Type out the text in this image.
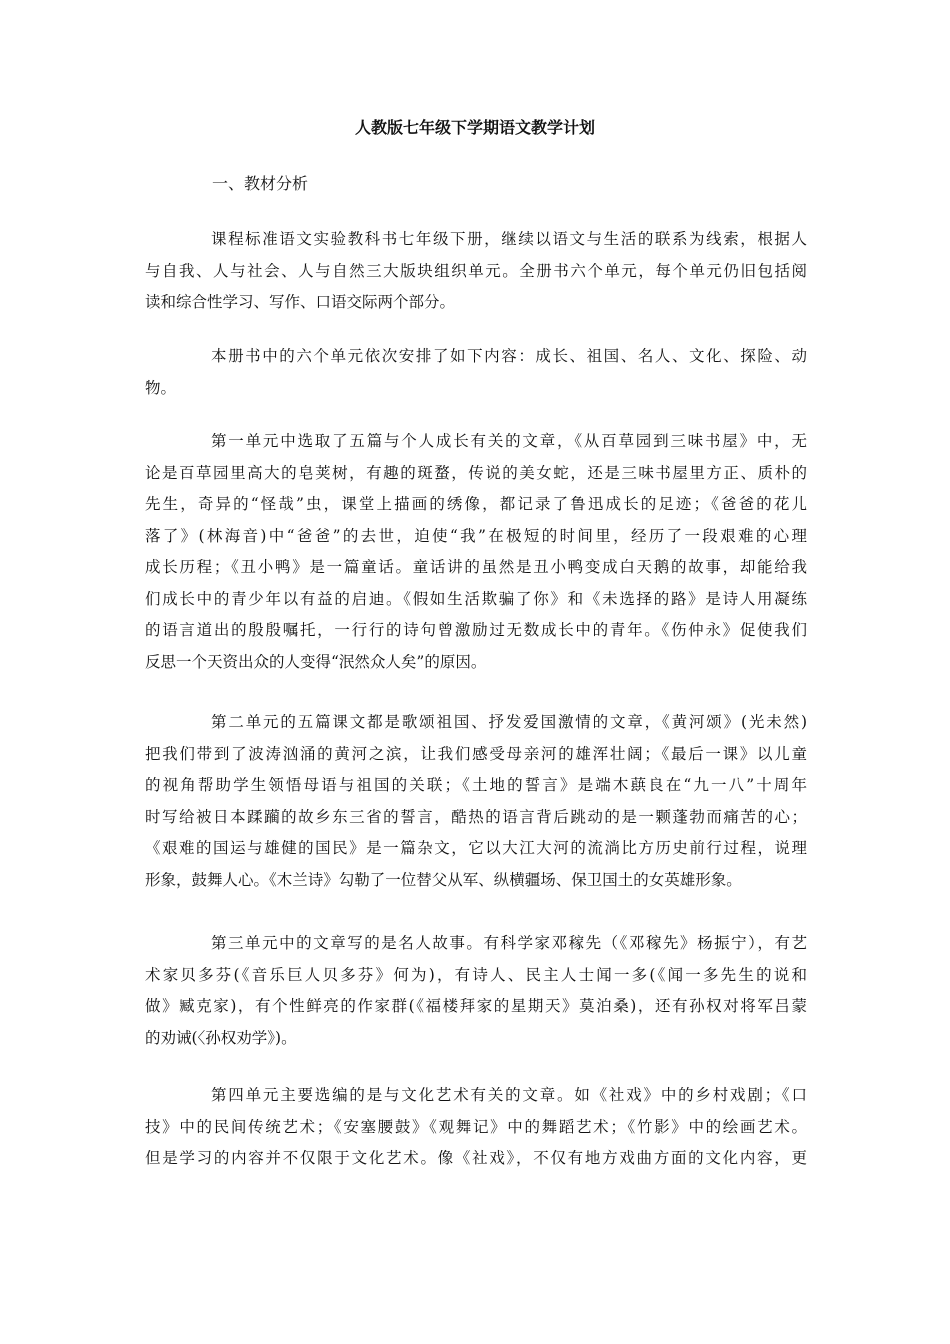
人教版七年级下学期语文教学计划
一、教材分析
课程标准语文实验教科书七年级下册，继续以语文与生活的联系为线索，根据人
与自我、人与社会、人与自然三大版块组织单元。全册书六个单元，每个单元仍旧包括阅
读和综合性学习、写作、口语交际两个部分。
本册书中的六个单元依次安排了如下内容：成长、祖国、名人、文化、探险、动
物。
第一单元中选取了五篇与个人成长有关的文章，《从百草园到三味书屋》中，无
论是百草园里高大的皂荚树，有趣的斑蝥，传说的美女蛇，还是三味书屋里方正、质朴的
先生，奇异的“怪哉”虫，课堂上描画的绣像，都记录了鲁迅成长的足迹；《爸爸的花儿
落了》(林海音)中“爸爸”的去世，迫使“我”在极短的时间里，经历了一段艰难的心理
成长历程；《丑小鸭》是一篇童话。童话讲的虽然是丑小鸭变成白天鹅的故事，却能给我
们成长中的青少年以有益的启迪。《假如生活欺骗了你》和《未选择的路》是诗人用凝练
的语言道出的殷殷嘱托，一行行的诗句曾激励过无数成长中的青年。《伤仲永》促使我们
反思一个天资出众的人变得“泯然众人矣”的原因。
第二单元的五篇课文都是歌颂祖国、抒发爱国激情的文章，《黄河颂》(光未然)
把我们带到了波涛汹涌的黄河之滨，让我们感受母亲河的雄浑壮阔；《最后一课》以儿童
的视角帮助学生领悟母语与祖国的关联；《土地的誓言》是端木蕻良在“九一八”十周年
时写给被日本蹂躏的故乡东三省的誓言，酷热的语言背后跳动的是一颗蓬勃而痛苦的心；
《艰难的国运与雄健的国民》是一篇杂文，它以大江大河的流淌比方历史前行过程，说理
形象，鼓舞人心。《木兰诗》勾勒了一位替父从军、纵横疆场、保卫国土的女英雄形象。
第三单元中的文章写的是名人故事。有科学家邓稼先（《邓稼先》杨振宁），有艺
术家贝多芬(《音乐巨人贝多芬》何为)，有诗人、民主人士闻一多(《闻一多先生的说和
做》臧克家)，有个性鲜亮的作家群(《福楼拜家的星期天》莫泊桑)，还有孙权对将军吕蒙
的劝诫(〈孙权劝学》)。
第四单元主要选编的是与文化艺术有关的文章。如《社戏》中的乡村戏剧；《口
技》中的民间传统艺术；《安塞腰鼓》《观舞记》中的舞蹈艺术；《竹影》中的绘画艺术。
但是学习的内容并不仅限于文化艺术。像《社戏》，不仅有地方戏曲方面的文化内容，更
